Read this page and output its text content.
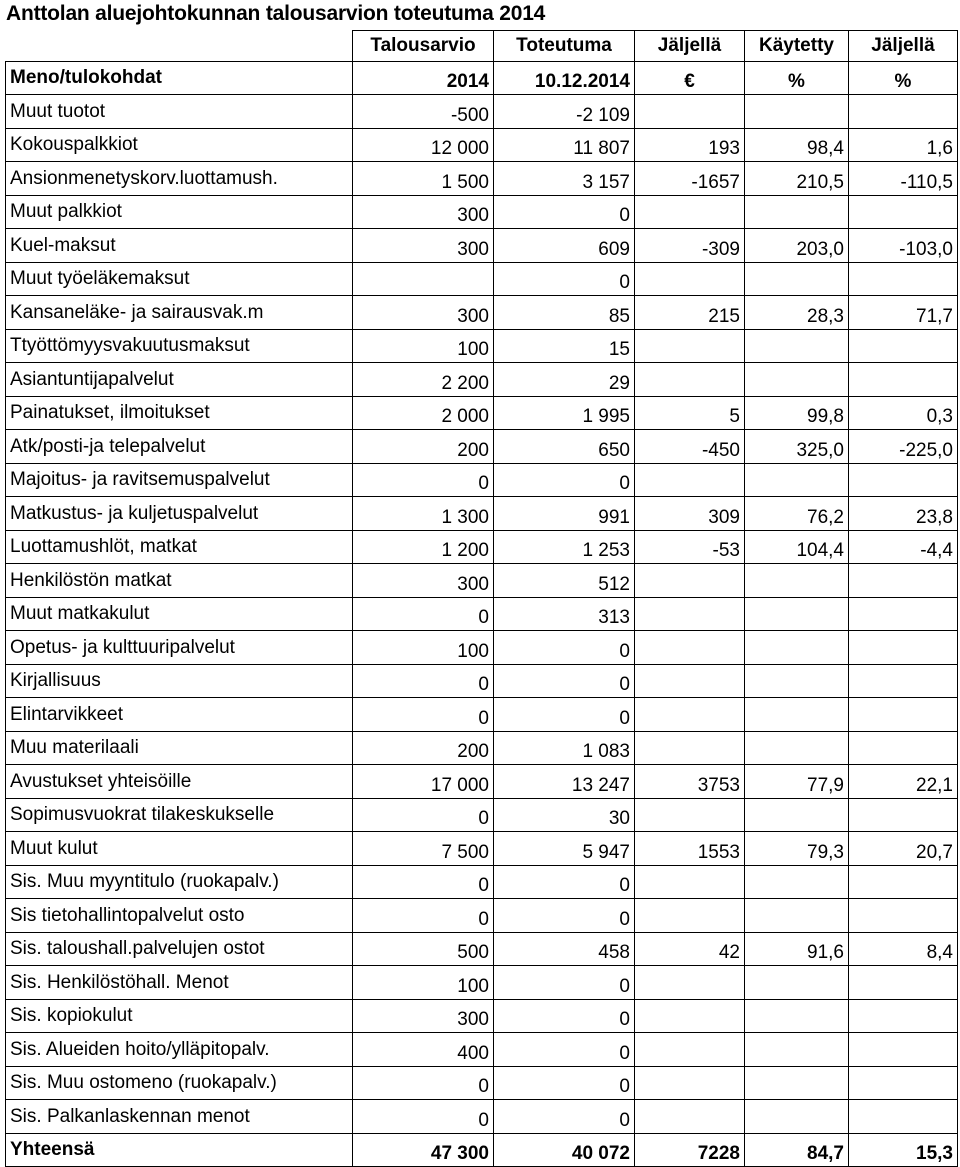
Anttolan aluejohtokunnan talousarvion toteutuma 2014
	Talousarvio	Toteutuma	Jäljellä	Käytetty	Jäljellä
Meno/tulokohdat	2014	10.12.2014	€	%	%
Muut tuotot	-500	-2 109			
Kokouspalkkiot	12 000	11 807	193	98,4	1,6
Ansionmenetyskorv.luottamush.	1 500	3 157	-1657	210,5	-110,5
Muut palkkiot	300	0			
Kuel-maksut	300	609	-309	203,0	-103,0
Muut työeläkemaksut		0			
Kansaneläke- ja sairausvak.m	300	85	215	28,3	71,7
Ttyöttömyysvakuutusmaksut	100	15			
Asiantuntijapalvelut	2 200	29			
Painatukset, ilmoitukset	2 000	1 995	5	99,8	0,3
Atk/posti-ja telepalvelut	200	650	-450	325,0	-225,0
Majoitus- ja ravitsemuspalvelut	0	0			
Matkustus- ja kuljetuspalvelut	1 300	991	309	76,2	23,8
Luottamushlöt, matkat	1 200	1 253	-53	104,4	-4,4
Henkilöstön matkat	300	512			
Muut matkakulut	0	313			
Opetus- ja kulttuuripalvelut	100	0			
Kirjallisuus	0	0			
Elintarvikkeet	0	0			
Muu materilaali	200	1 083			
Avustukset yhteisöille	17 000	13 247	3753	77,9	22,1
Sopimusvuokrat tilakeskukselle	0	30			
Muut kulut	7 500	5 947	1553	79,3	20,7
Sis. Muu myyntitulo (ruokapalv.)	0	0			
Sis tietohallintopalvelut osto	0	0			
Sis. taloushall.palvelujen ostot	500	458	42	91,6	8,4
Sis. Henkilöstöhall. Menot	100	0			
Sis. kopiokulut	300	0			
Sis. Alueiden hoito/ylläpitopalv.	400	0			
Sis. Muu ostomeno (ruokapalv.)	0	0			
Sis. Palkanlaskennan menot	0	0			
Yhteensä	47 300	40 072	7228	84,7	15,3
